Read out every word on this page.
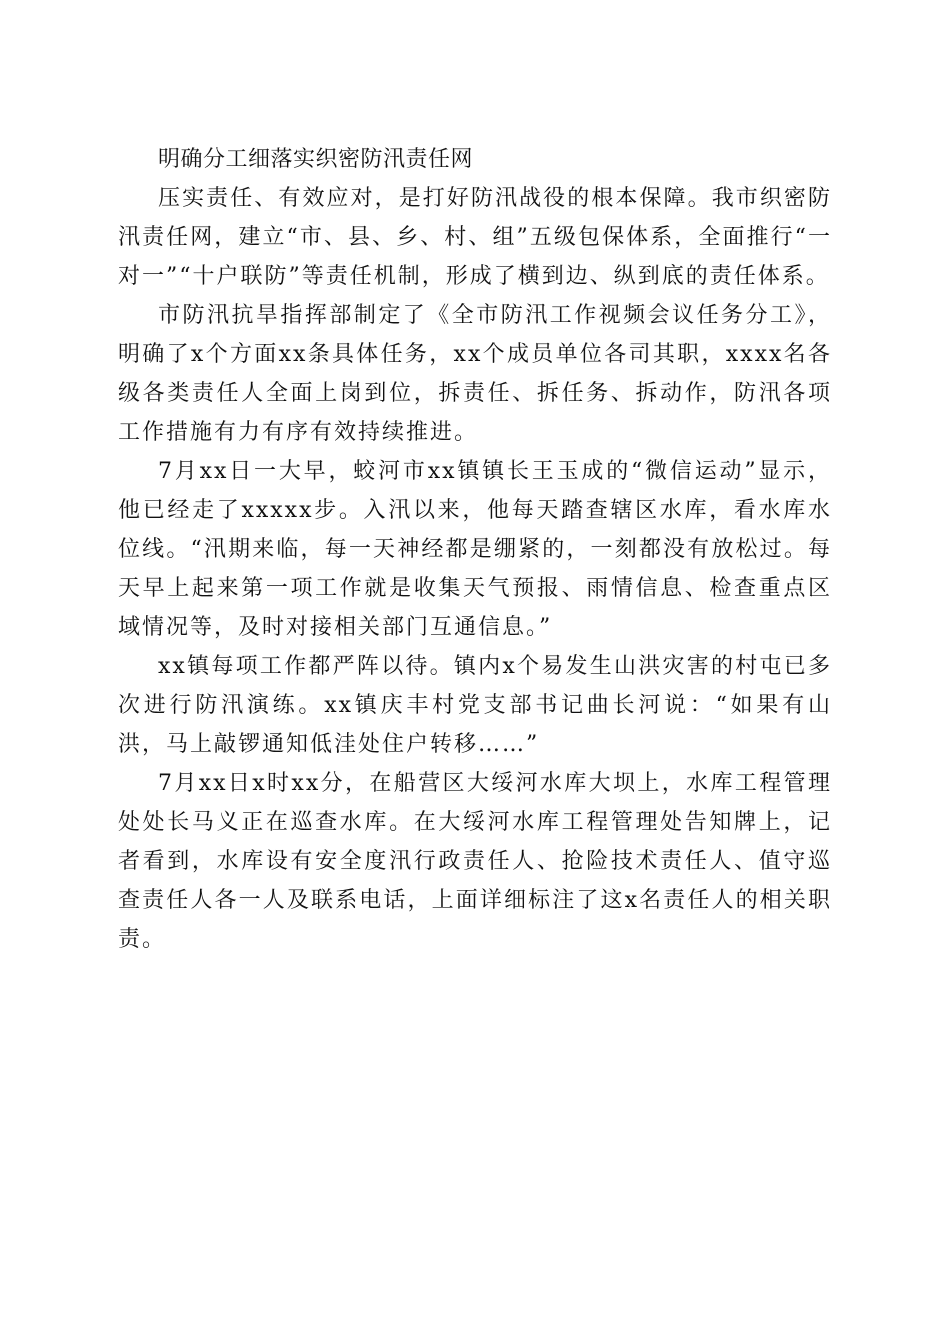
明确分工细落实织密防汛责任网

压实责任、有效应对，是打好防汛战役的根本保障。我市织密防汛责任网，建立“市、县、乡、村、组”五级包保体系，全面推行“一对一”“十户联防”等责任机制，形成了横到边、纵到底的责任体系。

市防汛抗旱指挥部制定了《全市防汛工作视频会议任务分工》，明确了x个方面xx条具体任务，xx个成员单位各司其职，xxxx名各级各类责任人全面上岗到位，拆责任、拆任务、拆动作，防汛各项工作措施有力有序有效持续推进。

7月xx日一大早，蛟河市xx镇镇长王玉成的“微信运动”显示，他已经走了xxxxx步。入汛以来，他每天踏查辖区水库，看水库水位线。“汛期来临，每一天神经都是绷紧的，一刻都没有放松过。每天早上起来第一项工作就是收集天气预报、雨情信息、检查重点区域情况等，及时对接相关部门互通信息。”

xx镇每项工作都严阵以待。镇内x个易发生山洪灾害的村屯已多次进行防汛演练。xx镇庆丰村党支部书记曲长河说：“如果有山洪，马上敲锣通知低洼处住户转移……”

7月xx日x时xx分，在船营区大绥河水库大坝上，水库工程管理处处长马义正在巡查水库。在大绥河水库工程管理处告知牌上，记者看到，水库设有安全度汛行政责任人、抢险技术责任人、值守巡查责任人各一人及联系电话，上面详细标注了这x名责任人的相关职责。
